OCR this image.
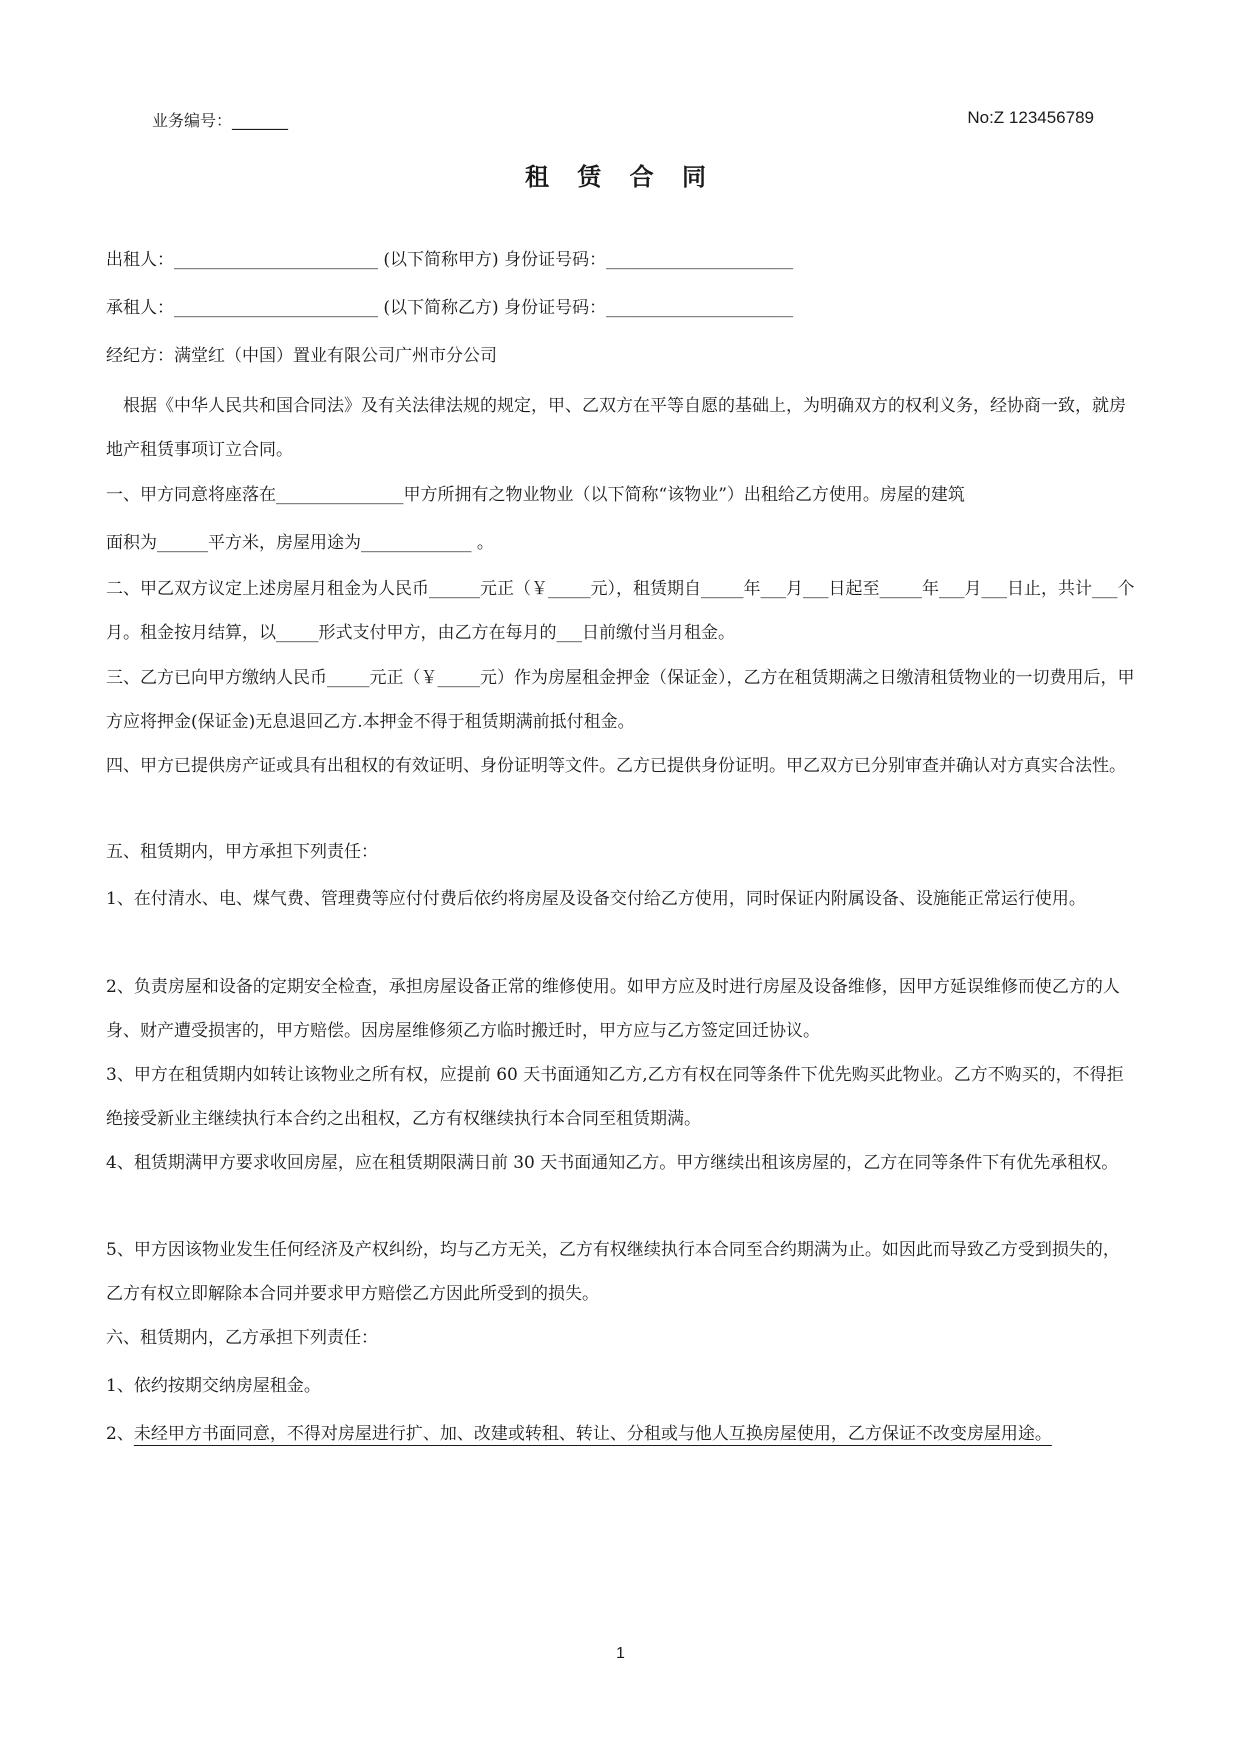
业务编号：_______	No:Z 123456789
租 赁 合 同

出租人：________________________ (以下简称甲方) 身份证号码：______________________

承租人：________________________ (以下简称乙方) 身份证号码：______________________

经纪方：满堂红（中国）置业有限公司广州市分公司

根据《中华人民共和国合同法》及有关法律法规的规定，甲、乙双方在平等自愿的基础上，为明确双方的权利义务，经协商一致，就房地产租赁事项订立合同。

一、甲方同意将座落在_______________甲方所拥有之物业物业（以下简称“该物业”）出租给乙方使用。房屋的建筑

面积为______平方米，房屋用途为_____________ 。

二、甲乙双方议定上述房屋月租金为人民币______元正（￥_____元），租赁期自_____年___月___日起至_____年___月___日止，共计___个月。租金按月结算，以_____形式支付甲方，由乙方在每月的___日前缴付当月租金。

三、乙方已向甲方缴纳人民币_____元正（￥_____元）作为房屋租金押金（保证金），乙方在租赁期满之日缴清租赁物业的一切费用后，甲方应将押金(保证金)无息退回乙方.本押金不得于租赁期满前抵付租金。

四、甲方已提供房产证或具有出租权的有效证明、身份证明等文件。乙方已提供身份证明。甲乙双方已分别审查并确认对方真实合法性。

五、租赁期内，甲方承担下列责任：

1、在付清水、电、煤气费、管理费等应付付费后依约将房屋及设备交付给乙方使用，同时保证内附属设备、设施能正常运行使用。

2、负责房屋和设备的定期安全检查，承担房屋设备正常的维修使用。如甲方应及时进行房屋及设备维修，因甲方延误维修而使乙方的人身、财产遭受损害的，甲方赔偿。因房屋维修须乙方临时搬迁时，甲方应与乙方签定回迁协议。

3、甲方在租赁期内如转让该物业之所有权，应提前 60 天书面通知乙方,乙方有权在同等条件下优先购买此物业。乙方不购买的，不得拒绝接受新业主继续执行本合约之出租权，乙方有权继续执行本合同至租赁期满。

4、租赁期满甲方要求收回房屋，应在租赁期限满日前 30 天书面通知乙方。甲方继续出租该房屋的，乙方在同等条件下有优先承租权。

5、甲方因该物业发生任何经济及产权纠纷，均与乙方无关，乙方有权继续执行本合同至合约期满为止。如因此而导致乙方受到损失的，乙方有权立即解除本合同并要求甲方赔偿乙方因此所受到的损失。

六、租赁期内，乙方承担下列责任：

1、依约按期交纳房屋租金。

2、未经甲方书面同意，不得对房屋进行扩、加、改建或转租、转让、分租或与他人互换房屋使用，乙方保证不改变房屋用途。

1
